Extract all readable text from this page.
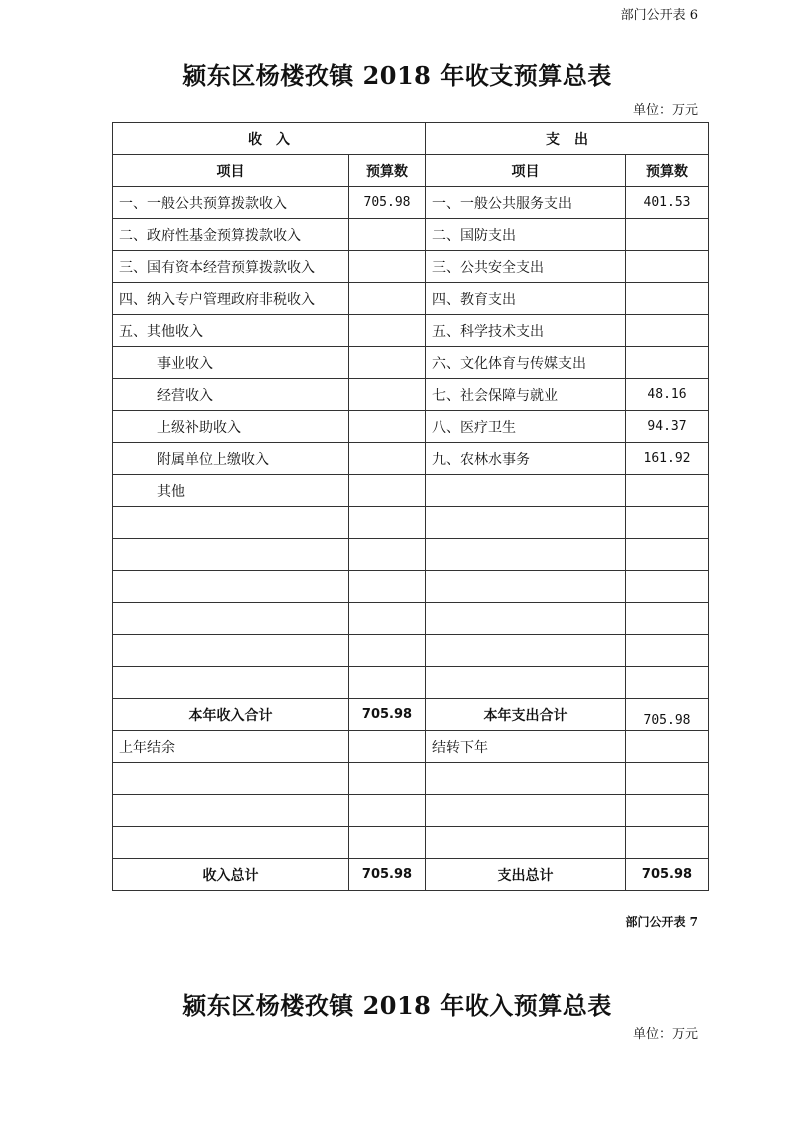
部门公开表 6
颍东区杨楼孜镇 2018 年收支预算总表
单位：万元
收　入		支　出	
项目	预算数	项目	预算数
一、一般公共预算拨款收入	705.98	一、一般公共服务支出	401.53
二、政府性基金预算拨款收入		二、国防支出	
三、国有资本经营预算拨款收入		三、公共安全支出	
四、纳入专户管理政府非税收入		四、教育支出	
五、其他收入		五、科学技术支出	
事业收入		六、文化体育与传媒支出	
经营收入		七、社会保障与就业	48.16
上级补助收入		八、医疗卫生	94.37
附属单位上缴收入		九、农林水事务	161.92
其他			

本年收入合计	705.98	本年支出合计	705.98
上年结余		结转下年	

收入总计	705.98	支出总计	705.98
部门公开表 7
颍东区杨楼孜镇 2018 年收入预算总表
单位：万元
